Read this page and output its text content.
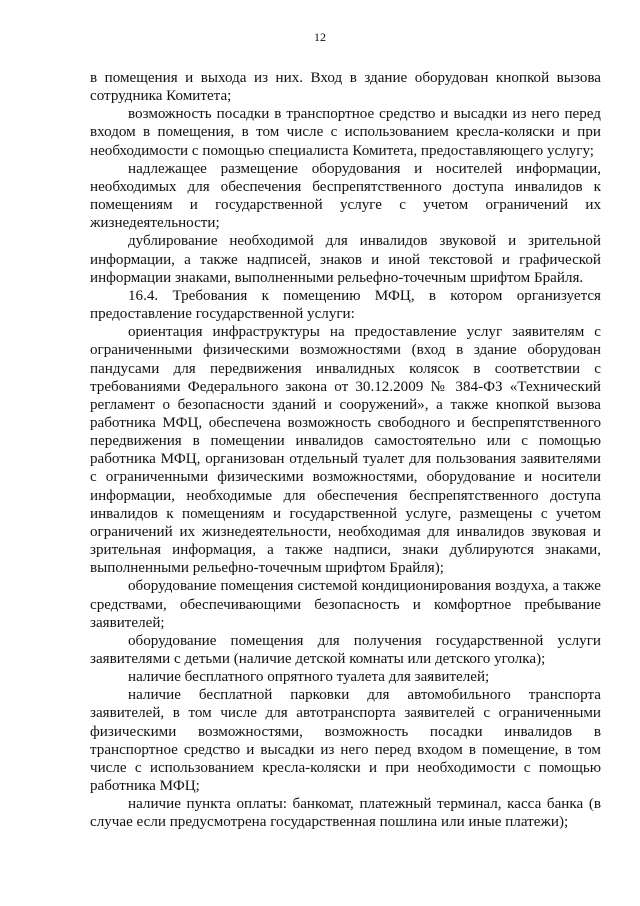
12

в помещения и выхода из них. Вход в здание оборудован кнопкой вызова сотрудника Комитета;

возможность посадки в транспортное средство и высадки из него перед входом в помещения, в том числе с использованием кресла-коляски и при необходимости с помощью специалиста Комитета, предоставляющего услугу;

надлежащее размещение оборудования и носителей информации, необходимых для обеспечения беспрепятственного доступа инвалидов к помещениям и государственной услуге с учетом ограничений их жизнедеятельности;

дублирование необходимой для инвалидов звуковой и зрительной информации, а также надписей, знаков и иной текстовой и графической информации знаками, выполненными рельефно-точечным шрифтом Брайля.

16.4. Требования к помещению МФЦ, в котором организуется предоставление государственной услуги:

ориентация инфраструктуры на предоставление услуг заявителям с ограниченными физическими возможностями (вход в здание оборудован пандусами для передвижения инвалидных колясок в соответствии с требованиями Федерального закона от 30.12.2009 № 384-ФЗ «Технический регламент о безопасности зданий и сооружений», а также кнопкой вызова работника МФЦ, обеспечена возможность свободного и беспрепятственного передвижения в помещении инвалидов самостоятельно или с помощью работника МФЦ, организован отдельный туалет для пользования заявителями с ограниченными физическими возможностями, оборудование и носители информации, необходимые для обеспечения беспрепятственного доступа инвалидов к помещениям и государственной услуге, размещены с учетом ограничений их жизнедеятельности, необходимая для инвалидов звуковая и зрительная информация, а также надписи, знаки дублируются знаками, выполненными рельефно-точечным шрифтом Брайля);

оборудование помещения системой кондиционирования воздуха, а также средствами, обеспечивающими безопасность и комфортное пребывание заявителей;

оборудование помещения для получения государственной услуги заявителями с детьми (наличие детской комнаты или детского уголка);

наличие бесплатного опрятного туалета для заявителей;

наличие бесплатной парковки для автомобильного транспорта заявителей, в том числе для автотранспорта заявителей с ограниченными физическими возможностями, возможность посадки инвалидов в транспортное средство и высадки из него перед входом в помещение, в том числе с использованием кресла-коляски и при необходимости с помощью работника МФЦ;

наличие пункта оплаты: банкомат, платежный терминал, касса банка (в случае если предусмотрена государственная пошлина или иные платежи);
